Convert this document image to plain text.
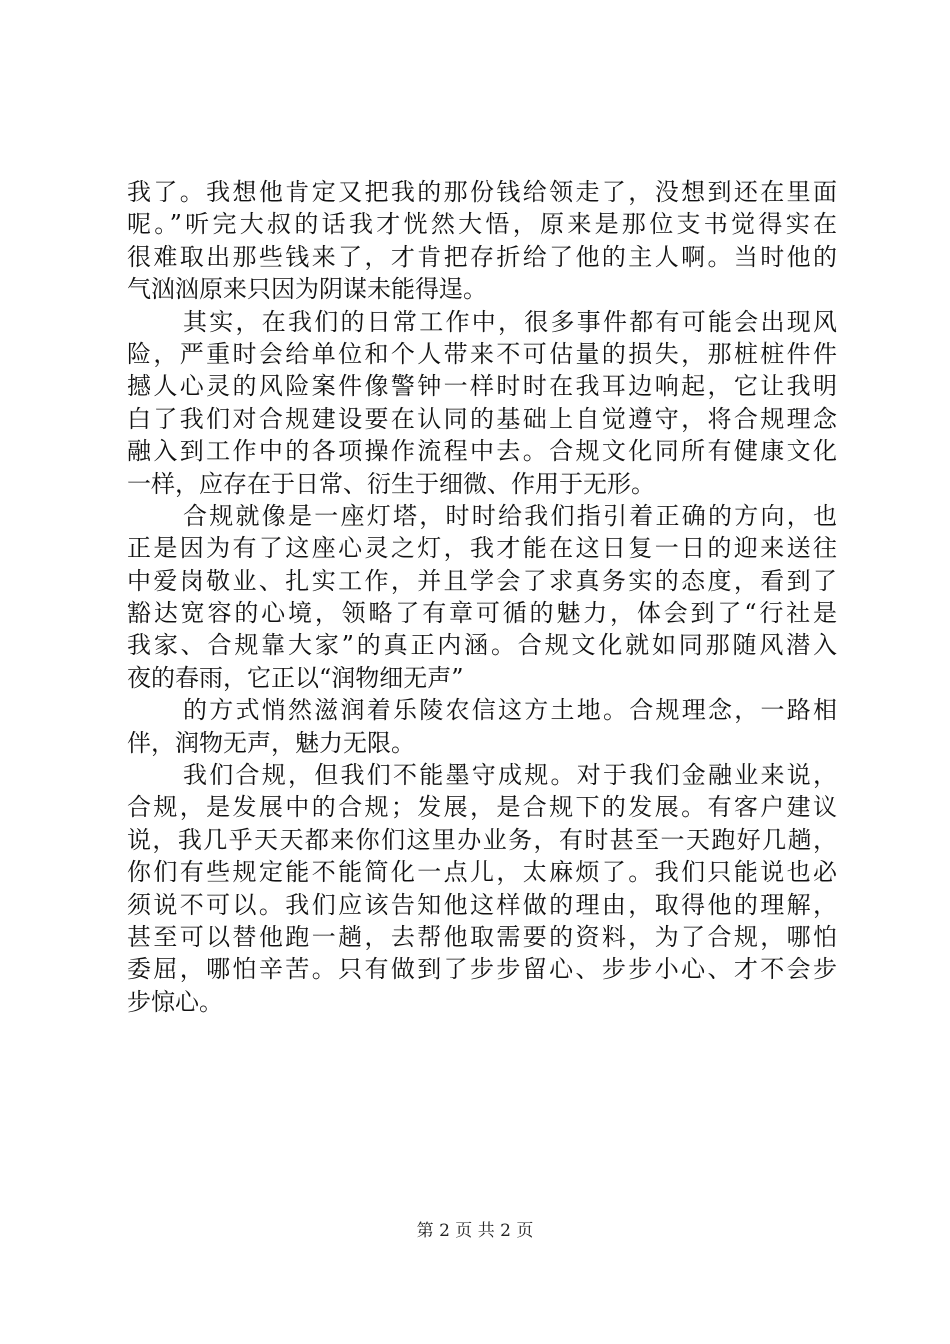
我了。我想他肯定又把我的那份钱给领走了，没想到还在里面
呢。”听完大叔的话我才恍然大悟，原来是那位支书觉得实在
很难取出那些钱来了，才肯把存折给了他的主人啊。当时他的
气汹汹原来只因为阴谋未能得逞。
其实，在我们的日常工作中，很多事件都有可能会出现风
险，严重时会给单位和个人带来不可估量的损失，那桩桩件件
撼人心灵的风险案件像警钟一样时时在我耳边响起，它让我明
白了我们对合规建设要在认同的基础上自觉遵守，将合规理念
融入到工作中的各项操作流程中去。合规文化同所有健康文化
一样，应存在于日常、衍生于细微、作用于无形。
合规就像是一座灯塔，时时给我们指引着正确的方向，也
正是因为有了这座心灵之灯，我才能在这日复一日的迎来送往
中爱岗敬业、扎实工作，并且学会了求真务实的态度，看到了
豁达宽容的心境，领略了有章可循的魅力，体会到了“行社是
我家、合规靠大家”的真正内涵。合规文化就如同那随风潜入
夜的春雨，它正以“润物细无声”
的方式悄然滋润着乐陵农信这方土地。合规理念，一路相
伴，润物无声，魅力无限。
我们合规，但我们不能墨守成规。对于我们金融业来说，
合规，是发展中的合规；发展，是合规下的发展。有客户建议
说，我几乎天天都来你们这里办业务，有时甚至一天跑好几趟，
你们有些规定能不能简化一点儿，太麻烦了。我们只能说也必
须说不可以。我们应该告知他这样做的理由，取得他的理解，
甚至可以替他跑一趟，去帮他取需要的资料，为了合规，哪怕
委屈，哪怕辛苦。只有做到了步步留心、步步小心、才不会步
步惊心。
第 2 页 共 2 页
